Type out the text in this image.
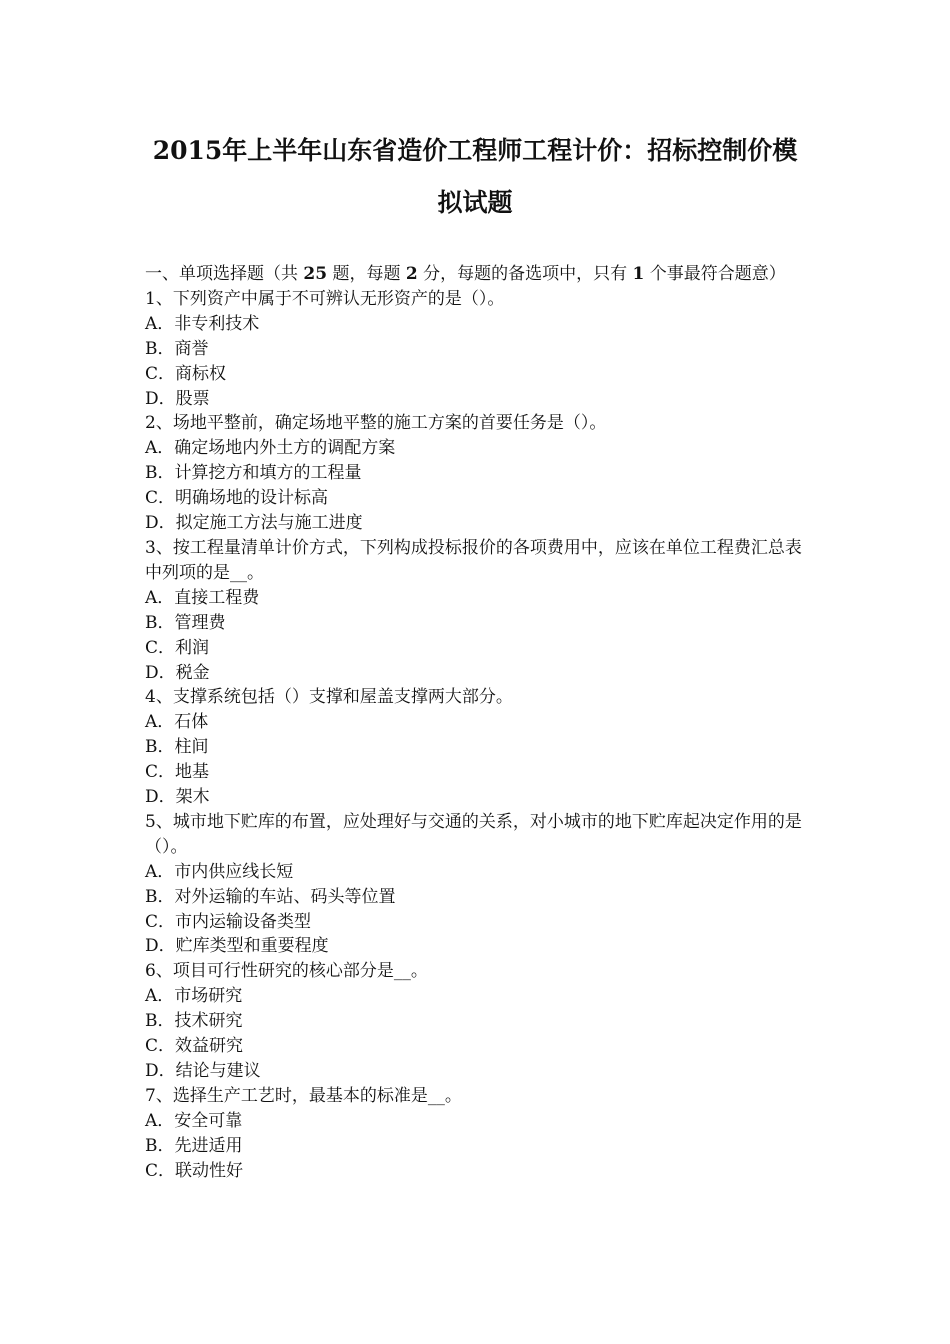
2015年上半年山东省造价工程师工程计价：招标控制价模
拟试题
一、单项选择题（共 25 题，每题 2 分，每题的备选项中，只有 1 个事最符合题意）
1、下列资产中属于不可辨认无形资产的是（）。
A．非专利技术
B．商誉
C．商标权
D．股票
2、场地平整前，确定场地平整的施工方案的首要任务是（）。
A．确定场地内外土方的调配方案
B．计算挖方和填方的工程量
C．明确场地的设计标高
D．拟定施工方法与施工进度
3、按工程量清单计价方式，下列构成投标报价的各项费用中，应该在单位工程费汇总表中列项的是__。
A．直接工程费
B．管理费
C．利润
D．税金
4、支撑系统包括（）支撑和屋盖支撑两大部分。
A．石体
B．柱间
C．地基
D．架木
5、城市地下贮库的布置，应处理好与交通的关系，对小城市的地下贮库起决定作用的是（）。
A．市内供应线长短
B．对外运输的车站、码头等位置
C．市内运输设备类型
D．贮库类型和重要程度
6、项目可行性研究的核心部分是__。
A．市场研究
B．技术研究
C．效益研究
D．结论与建议
7、选择生产工艺时，最基本的标准是__。
A．安全可靠
B．先进适用
C．联动性好
